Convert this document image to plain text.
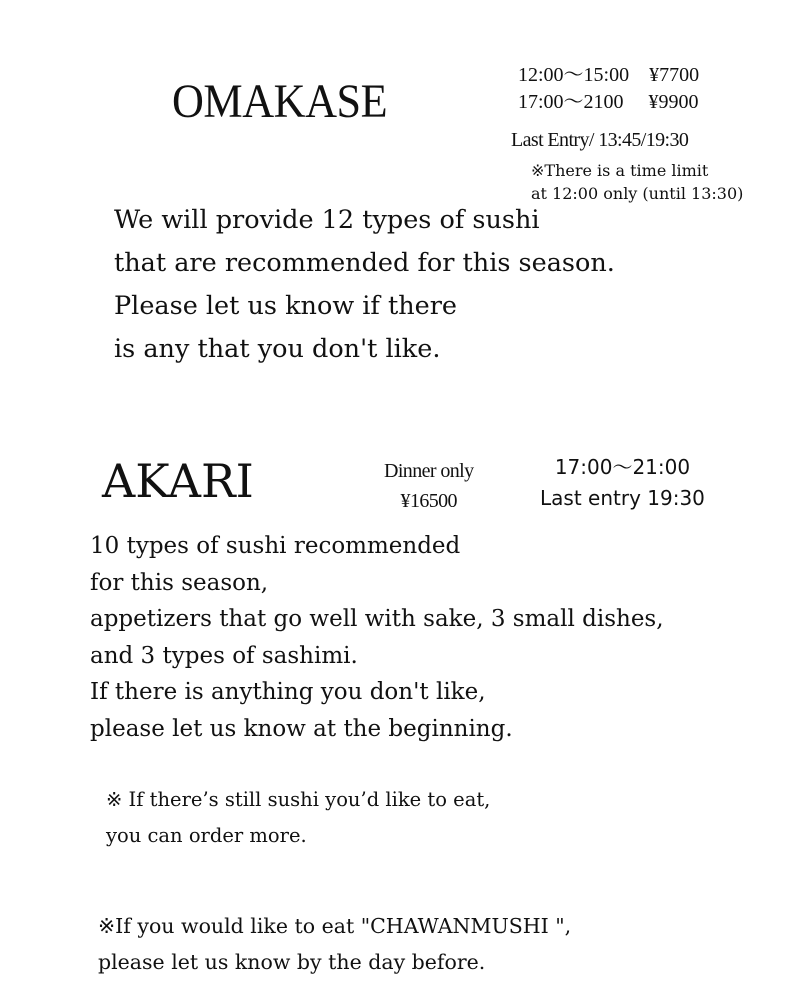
OMAKASE	12:00〜15:00　¥7700
17:00〜2100　 ¥9900
Last Entry/ 13:45/19:30
※There is a time limit
at 12:00 only (until 13:30)
We will provide 12 types of sushi
that are recommended for this season.
Please let us know if there
is any that you don't like.
AKARI	Dinner only
¥16500
17:00〜21:00
Last entry 19:30
10 types of sushi recommended
for this season,
appetizers that go well with sake, 3 small dishes,
and 3 types of sashimi.
If there is anything you don't like,
please let us know at the beginning.
※ If there’s still sushi you’d like to eat,
you can order more.
※If you would like to eat "CHAWANMUSHI ",
please let us know by the day before.
